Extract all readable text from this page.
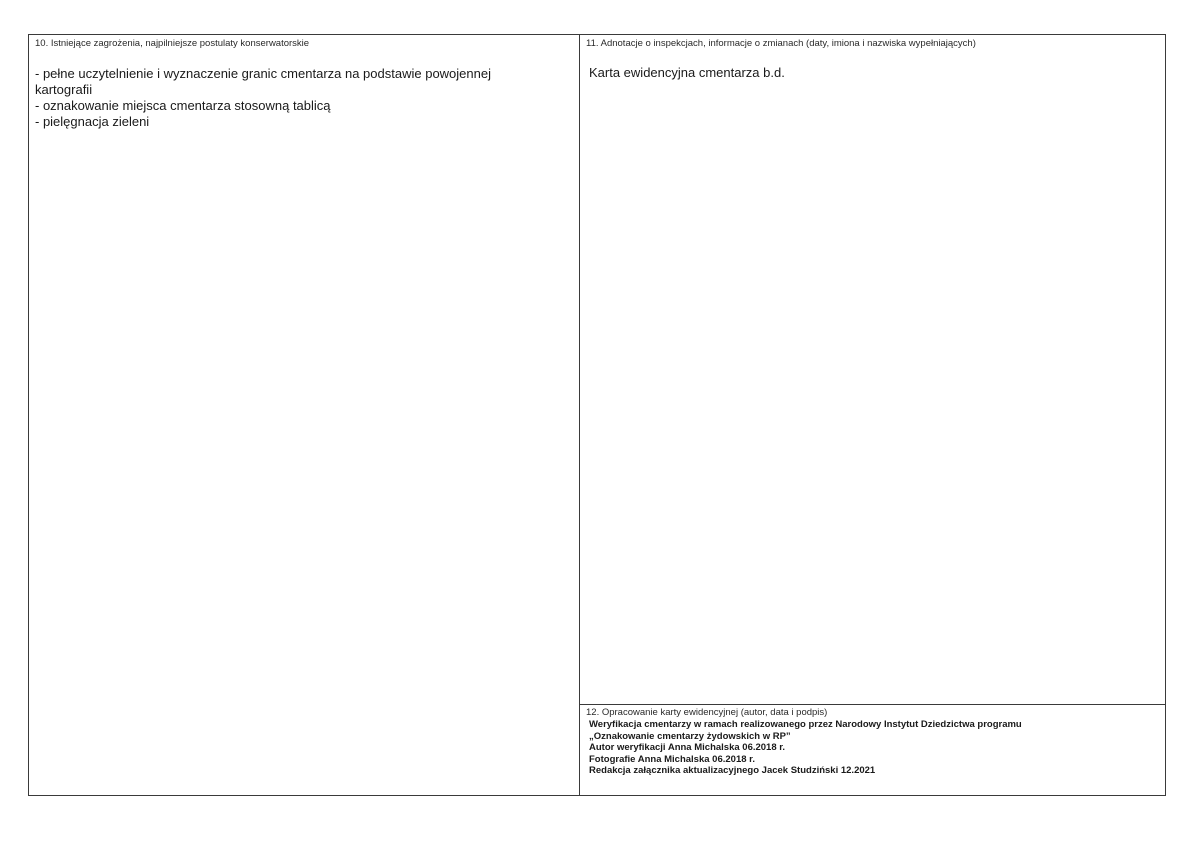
10. Istniejące zagrożenia, najpilniejsze postulaty konserwatorskie
- pełne uczytelnienie i wyznaczenie granic cmentarza na podstawie powojennej
kartografii
- oznakowanie miejsca cmentarza stosowną tablicą
- pielęgnacja zieleni
11. Adnotacje o inspekcjach, informacje o zmianach (daty, imiona i nazwiska wypełniających)
Karta ewidencyjna cmentarza b.d.
12. Opracowanie karty ewidencyjnej (autor, data i podpis)
Weryfikacja cmentarzy w ramach realizowanego przez Narodowy Instytut Dziedzictwa programu
„Oznakowanie cmentarzy żydowskich w RP”
Autor weryfikacji Anna Michalska 06.2018 r.
Fotografie Anna Michalska 06.2018 r.
Redakcja załącznika aktualizacyjnego Jacek Studziński 12.2021
